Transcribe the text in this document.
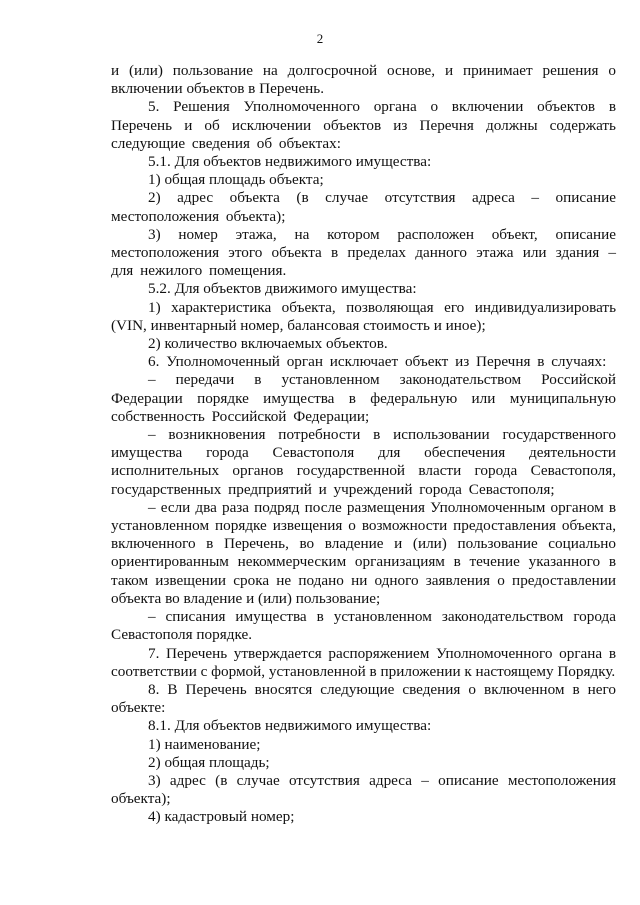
2

и (или) пользование на долгосрочной основе, и принимает решения о включении объектов в Перечень.

5. Решения Уполномоченного органа о включении объектов в Перечень и об исключении объектов из Перечня должны содержать следующие сведения об объектах:

5.1. Для объектов недвижимого имущества:

1) общая площадь объекта;

2) адрес объекта (в случае отсутствия адреса – описание местоположения объекта);

3) номер этажа, на котором расположен объект, описание местоположения этого объекта в пределах данного этажа или здания – для нежилого помещения.

5.2. Для объектов движимого имущества:

1) характеристика объекта, позволяющая его индивидуализировать (VIN, инвентарный номер, балансовая стоимость и иное);

2) количество включаемых объектов.

6. Уполномоченный орган исключает объект из Перечня в случаях:

– передачи в установленном законодательством Российской Федерации порядке имущества в федеральную или муниципальную собственность Российской Федерации;

– возникновения потребности в использовании государственного имущества города Севастополя для обеспечения деятельности исполнительных органов государственной власти города Севастополя, государственных предприятий и учреждений города Севастополя;

– если два раза подряд после размещения Уполномоченным органом в установленном порядке извещения о возможности предоставления объекта, включенного в Перечень, во владение и (или) пользование социально ориентированным некоммерческим организациям в течение указанного в таком извещении срока не подано ни одного заявления о предоставлении объекта во владение и (или) пользование;

– списания имущества в установленном законодательством города Севастополя порядке.

7. Перечень утверждается распоряжением Уполномоченного органа в соответствии с формой, установленной в приложении к настоящему Порядку.

8. В Перечень вносятся следующие сведения о включенном в него объекте:

8.1. Для объектов недвижимого имущества:

1) наименование;

2) общая площадь;

3) адрес (в случае отсутствия адреса – описание местоположения объекта);

4) кадастровый номер;
